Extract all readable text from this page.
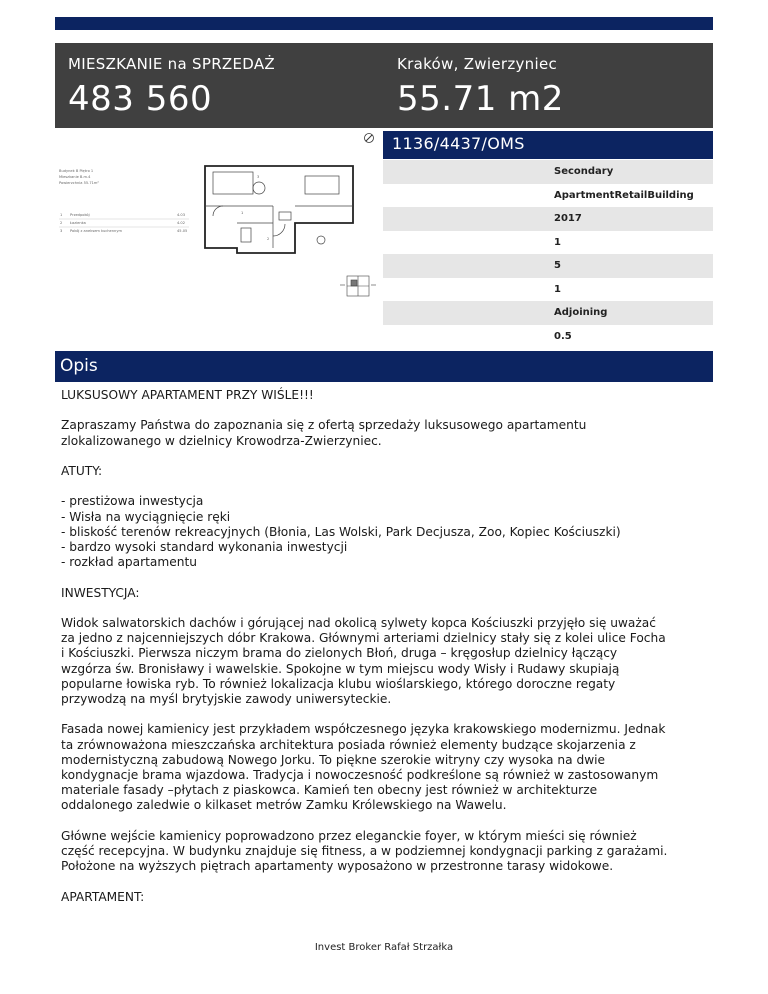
MIESZKANIE na SPRZEDAŻ
483 560
Kraków, Zwierzyniec
55.71 m2
Budynek B Piętro 1
Mieszkanie B.m.4
Powierzchnia 55.71m²
1 Przedpokój	4.03
2 Łazienka	4.02
3 Pokój z aneksem kuchennym	45.05
3
1
2
1136/4437/OMS
Secondary
ApartmentRetailBuilding
2017
1
5
1
Adjoining
0.5
Opis

LUKSUSOWY APARTAMENT PRZY WIŚLE!!!

Zapraszamy Państwa do zapoznania się z ofertą sprzedaży luksusowego apartamentu
zlokalizowanego w dzielnicy Krowodrza-Zwierzyniec.

ATUTY:

- prestiżowa inwestycja
- Wisła na wyciągnięcie ręki
- bliskość terenów rekreacyjnych (Błonia, Las Wolski, Park Decjusza, Zoo, Kopiec Kościuszki)
- bardzo wysoki standard wykonania inwestycji
- rozkład apartamentu

INWESTYCJA:

Widok salwatorskich dachów i górującej nad okolicą sylwety kopca Kościuszki przyjęło się uważać
za jedno z najcenniejszych dóbr Krakowa. Głównymi arteriami dzielnicy stały się z kolei ulice Focha
i Kościuszki. Pierwsza niczym brama do zielonych Błoń, druga – kręgosłup dzielnicy łączący
wzgórza św. Bronisławy i wawelskie. Spokojne w tym miejscu wody Wisły i Rudawy skupiają
popularne łowiska ryb. To również lokalizacja klubu wioślarskiego, którego doroczne regaty
przywodzą na myśl brytyjskie zawody uniwersyteckie.

Fasada nowej kamienicy jest przykładem współczesnego języka krakowskiego modernizmu. Jednak
ta zrównoważona mieszczańska architektura posiada również elementy budzące skojarzenia z
modernistyczną zabudową Nowego Jorku. To piękne szerokie witryny czy wysoka na dwie
kondygnacje brama wjazdowa. Tradycja i nowoczesność podkreślone są również w zastosowanym
materiale fasady –płytach z piaskowca. Kamień ten obecny jest również w architekturze
oddalonego zaledwie o kilkaset metrów Zamku Królewskiego na Wawelu.

Główne wejście kamienicy poprowadzono przez eleganckie foyer, w którym mieści się również
część recepcyjna. W budynku znajduje się fitness, a w podziemnej kondygnacji parking z garażami.
Położone na wyższych piętrach apartamenty wyposażono w przestronne tarasy widokowe.

APARTAMENT:

Invest Broker Rafał Strzałka
